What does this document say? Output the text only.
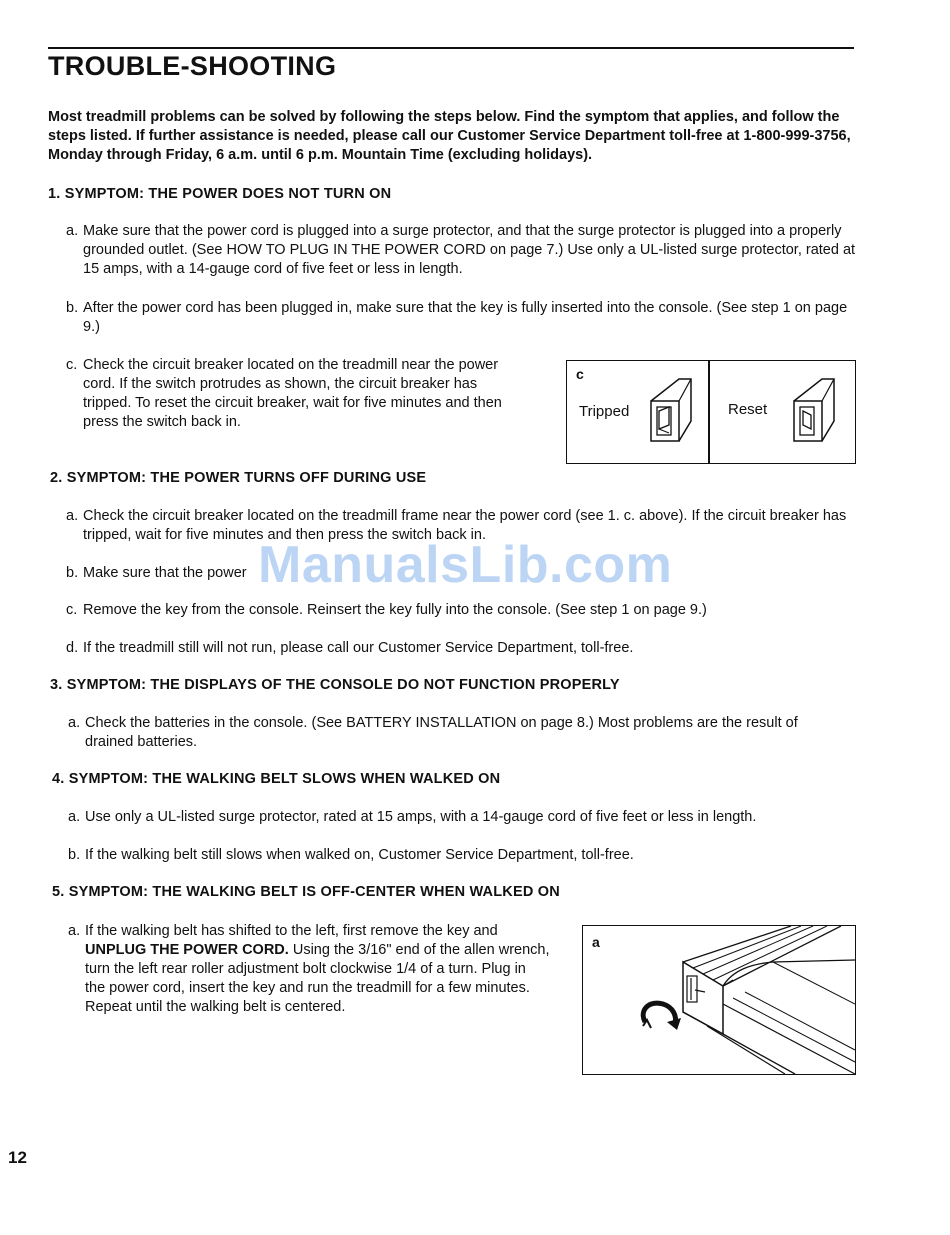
TROUBLE-SHOOTING
Most treadmill problems can be solved by following the steps below. Find the symptom that applies, and follow the steps listed. If further assistance is needed, please call our Customer Service Department toll-free at 1-800-999-3756, Monday through Friday, 6 a.m. until 6 p.m. Mountain Time (excluding holidays).
1. SYMPTOM: THE POWER DOES NOT TURN ON
a. Make sure that the power cord is plugged into a surge protector, and that the surge protector is plugged into a properly grounded outlet. (See HOW TO PLUG IN THE POWER CORD on page 7.) Use only a UL-listed surge protector, rated at 15 amps, with a 14-gauge cord of five feet or less in length.
b. After the power cord has been plugged in, make sure that the key is fully inserted into the console. (See step 1 on page 9.)
c. Check the circuit breaker located on the treadmill near the power cord. If the switch protrudes as shown, the circuit breaker has tripped. To reset the circuit breaker, wait for five minutes and then press the switch back in.
c
Tripped	Reset
2. SYMPTOM: THE POWER TURNS OFF DURING USE
a. Check the circuit breaker located on the treadmill frame near the power cord (see 1. c. above). If the circuit breaker has tripped, wait for five minutes and then press the switch back in.
b. Make sure that the power
c. Remove the key from the console. Reinsert the key fully into the console. (See step 1 on page 9.)
d. If the treadmill still will not run, please call our Customer Service Department, toll-free.
3. SYMPTOM: THE DISPLAYS OF THE CONSOLE DO NOT FUNCTION PROPERLY
a. Check the batteries in the console. (See BATTERY INSTALLATION on page 8.) Most problems are the result of drained batteries.
4. SYMPTOM: THE WALKING BELT SLOWS WHEN WALKED ON
a. Use only a UL-listed surge protector, rated at 15 amps, with a 14-gauge cord of five feet or less in length.
b. If the walking belt still slows when walked on, Customer Service Department, toll-free.
5. SYMPTOM: THE WALKING BELT IS OFF-CENTER WHEN WALKED ON
a. If the walking belt has shifted to the left, first remove the key and UNPLUG THE POWER CORD. Using the 3/16" end of the allen wrench, turn the left rear roller adjustment bolt clockwise 1/4 of a turn. Plug in the power cord, insert the key and run the treadmill for a few minutes. Repeat until the walking belt is centered.
a
ManualsLib.com
12
